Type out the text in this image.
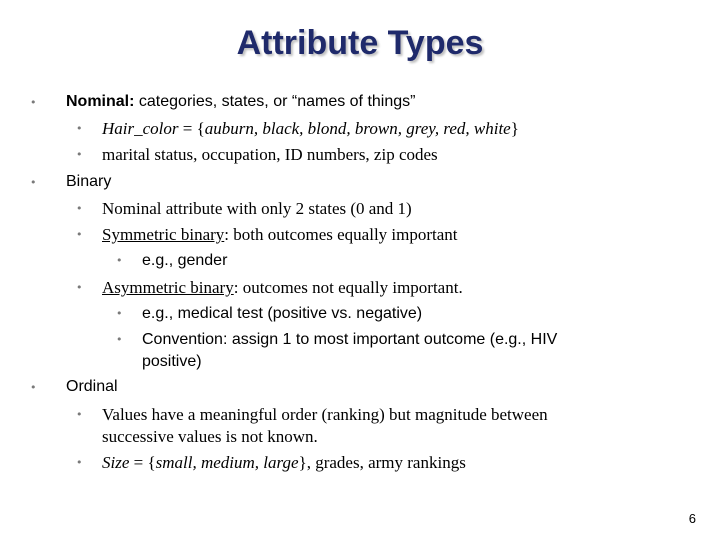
Attribute Types
• Nominal: categories, states, or “names of things”
• Hair_color = {auburn, black, blond, brown, grey, red, white}
• marital status, occupation, ID numbers, zip codes
• Binary
• Nominal attribute with only 2 states (0 and 1)
• Symmetric binary: both outcomes equally important
• e.g., gender
• Asymmetric binary: outcomes not equally important.
• e.g., medical test (positive vs. negative)
• Convention: assign 1 to most important outcome (e.g., HIV
positive)
• Ordinal
• Values have a meaningful order (ranking) but magnitude between
successive values is not known.
• Size = {small, medium, large}, grades, army rankings
6
